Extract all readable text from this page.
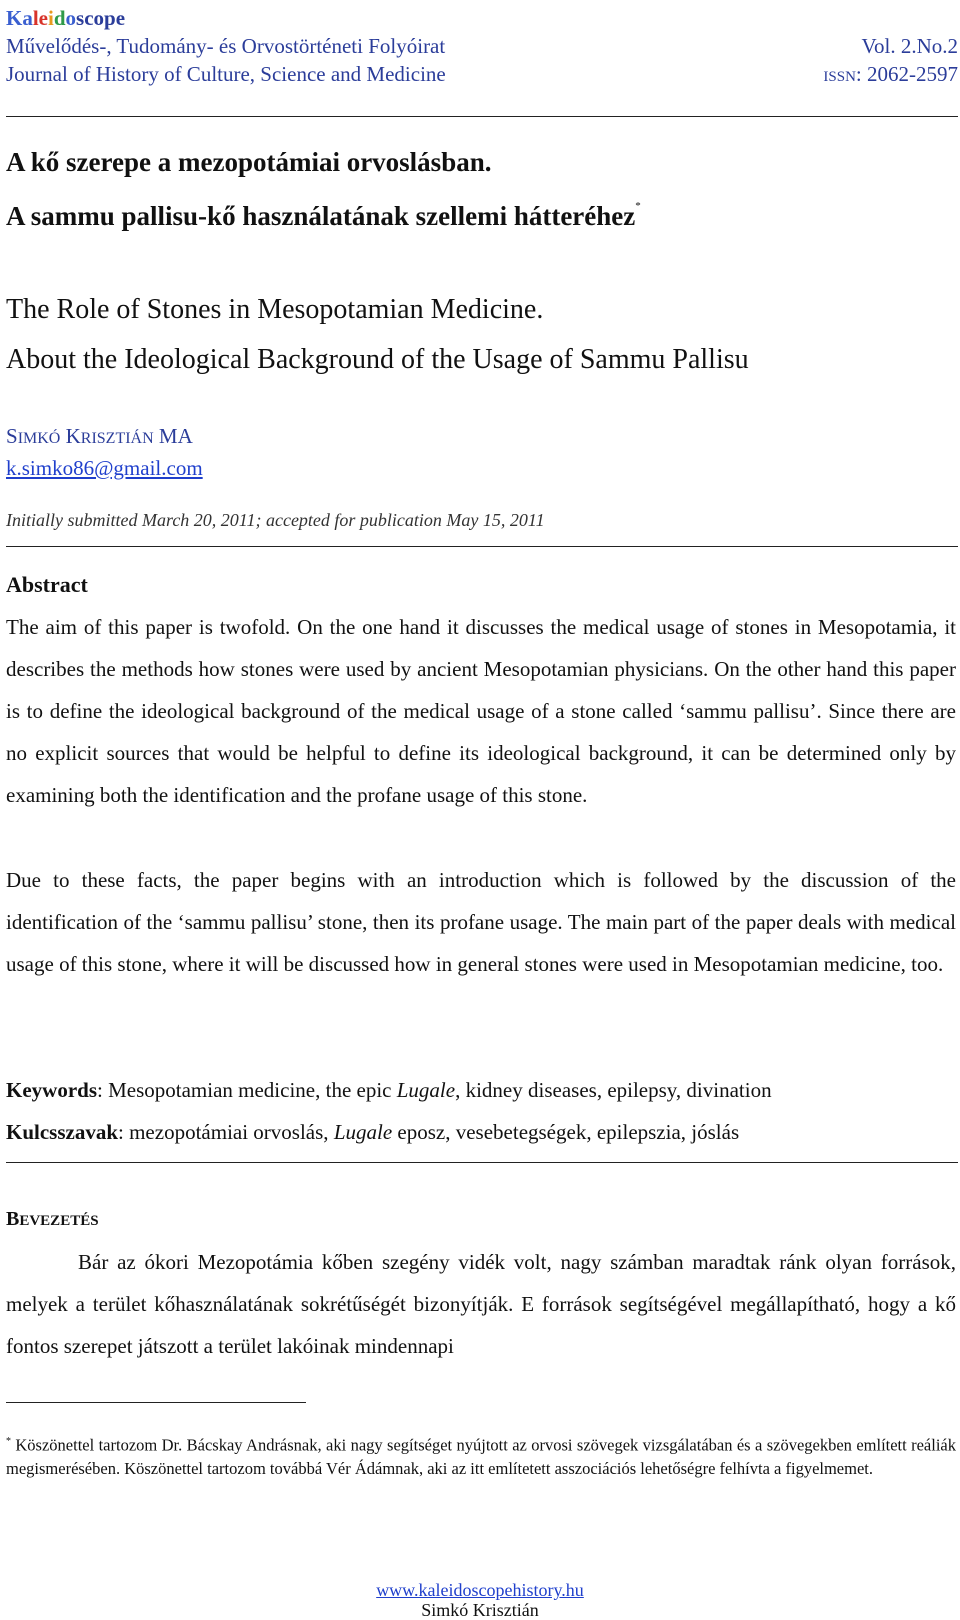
Kaleidoscope
Művelődés-, Tudomány- és Orvostörténeti Folyóirat	Vol. 2.No.2
Journal of History of Culture, Science and Medicine	ISSN: 2062-2597
A kő szerepe a mezopotámiai orvoslásban.
A sammu pallisu-kő használatának szellemi hátteréhez*
The Role of Stones in Mesopotamian Medicine.
About the Ideological Background of the Usage of Sammu Pallisu
SIMKÓ KRISZTIÁN MA
k.simko86@gmail.com
Initially submitted March 20, 2011; accepted for publication May 15, 2011
Abstract
The aim of this paper is twofold. On the one hand it discusses the medical usage of stones in Mesopotamia, it describes the methods how stones were used by ancient Mesopotamian physicians. On the other hand this paper is to define the ideological background of the medical usage of a stone called ‘sammu pallisu’. Since there are no explicit sources that would be helpful to define its ideological background, it can be determined only by examining both the identification and the profane usage of this stone.
Due to these facts, the paper begins with an introduction which is followed by the discussion of the identification of the ‘sammu pallisu’ stone, then its profane usage. The main part of the paper deals with medical usage of this stone, where it will be discussed how in general stones were used in Mesopotamian medicine, too.
Keywords: Mesopotamian medicine, the epic Lugale, kidney diseases, epilepsy, divination
Kulcsszavak: mezopotámiai orvoslás, Lugale eposz, vesebetegségek, epilepszia, jóslás
BEVEZETÉS
Bár az ókori Mezopotámia kőben szegény vidék volt, nagy számban maradtak ránk olyan források, melyek a terület kőhasználatának sokrétűségét bizonyítják. E források segítségével megállapítható, hogy a kő fontos szerepet játszott a terület lakóinak mindennapi
* Köszönettel tartozom Dr. Bácskay Andrásnak, aki nagy segítséget nyújtott az orvosi szövegek vizsgálatában és a szövegekben említett reáliák megismerésében. Köszönettel tartozom továbbá Vér Ádámnak, aki az itt említetett asszociációs lehetőségre felhívta a figyelmemet.
www.kaleidoscopehistory.hu
Simkó Krisztián
